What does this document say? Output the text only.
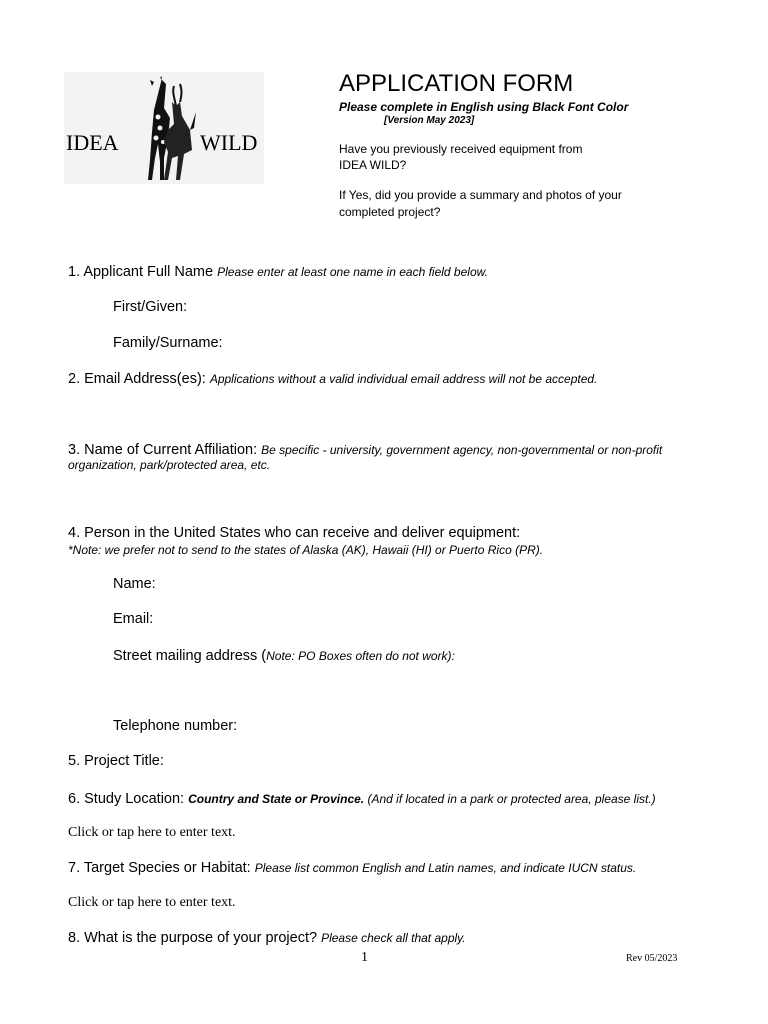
IDEA	WILD
APPLICATION FORM
Please complete in English using Black Font Color
[Version May 2023]
Have you previously received equipment from
IDEA WILD?
If Yes, did you provide a summary and photos of your
completed project?
1. Applicant Full Name Please enter at least one name in each field below.
First/Given:
Family/Surname:
2. Email Address(es): Applications without a valid individual email address will not be accepted.
3. Name of Current Affiliation: Be specific - university, government agency, non-governmental or non-profit
organization, park/protected area, etc.
4. Person in the United States who can receive and deliver equipment:
*Note: we prefer not to send to the states of Alaska (AK), Hawaii (HI) or Puerto Rico (PR).
Name:
Email:
Street mailing address (Note: PO Boxes often do not work):
Telephone number:
5. Project Title:
6. Study Location: Country and State or Province. (And if located in a park or protected area, please list.)
Click or tap here to enter text.
7. Target Species or Habitat: Please list common English and Latin names, and indicate IUCN status.
Click or tap here to enter text.
8. What is the purpose of your project? Please check all that apply.
1	Rev 05/2023
